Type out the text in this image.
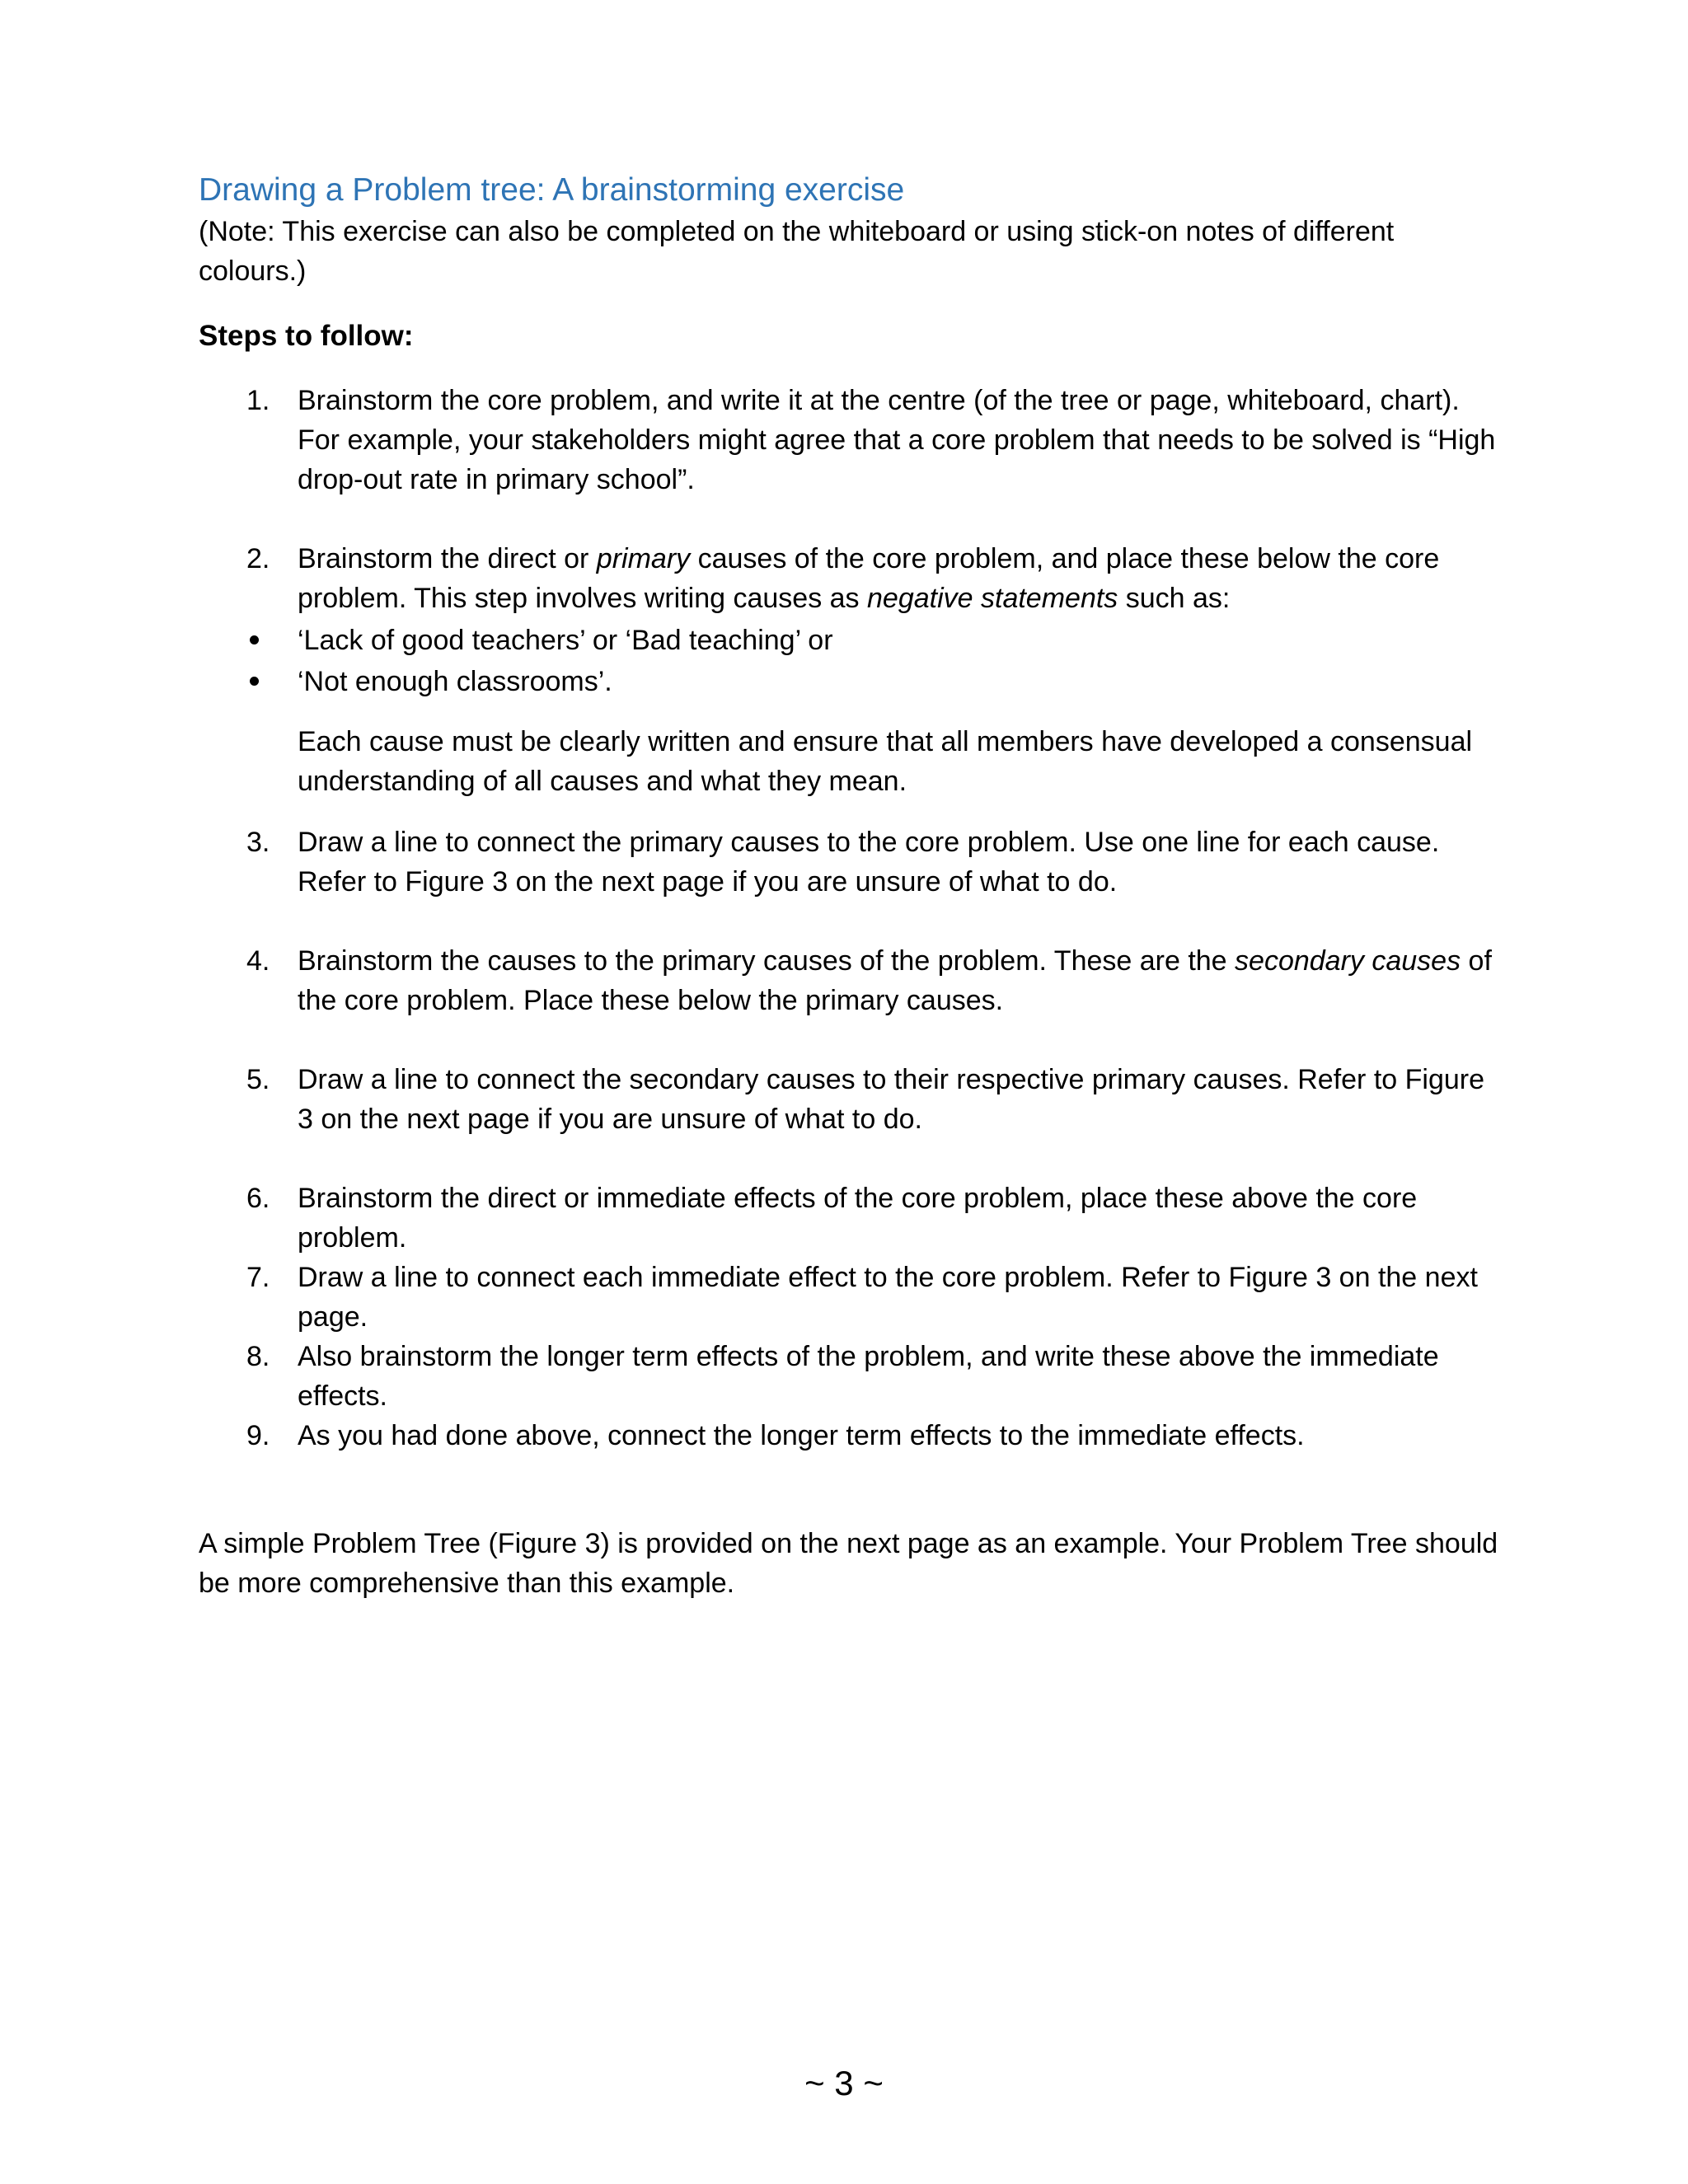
Drawing a Problem tree: A brainstorming exercise

(Note: This exercise can also be completed on the whiteboard or using stick-on notes of different colours.)

Steps to follow:
1. Brainstorm the core problem, and write it at the centre (of the tree or page, whiteboard, chart). For example, your stakeholders might agree that a core problem that needs to be solved is “High drop-out rate in primary school”.
2. Brainstorm the direct or primary causes of the core problem, and place these below the core problem. This step involves writing causes as negative statements such as:
‘Lack of good teachers’ or ‘Bad teaching’ or
‘Not enough classrooms’.
Each cause must be clearly written and ensure that all members have developed a consensual understanding of all causes and what they mean.
3. Draw a line to connect the primary causes to the core problem. Use one line for each cause. Refer to Figure 3 on the next page if you are unsure of what to do.
4. Brainstorm the causes to the primary causes of the problem. These are the secondary causes of the core problem. Place these below the primary causes.
5. Draw a line to connect the secondary causes to their respective primary causes. Refer to Figure 3 on the next page if you are unsure of what to do.
6. Brainstorm the direct or immediate effects of the core problem, place these above the core problem.
7. Draw a line to connect each immediate effect to the core problem. Refer to Figure 3 on the next page.
8. Also brainstorm the longer term effects of the problem, and write these above the immediate effects.
9. As you had done above, connect the longer term effects to the immediate effects.

A simple Problem Tree (Figure 3) is provided on the next page as an example. Your Problem Tree should be more comprehensive than this example.

~ 3 ~
